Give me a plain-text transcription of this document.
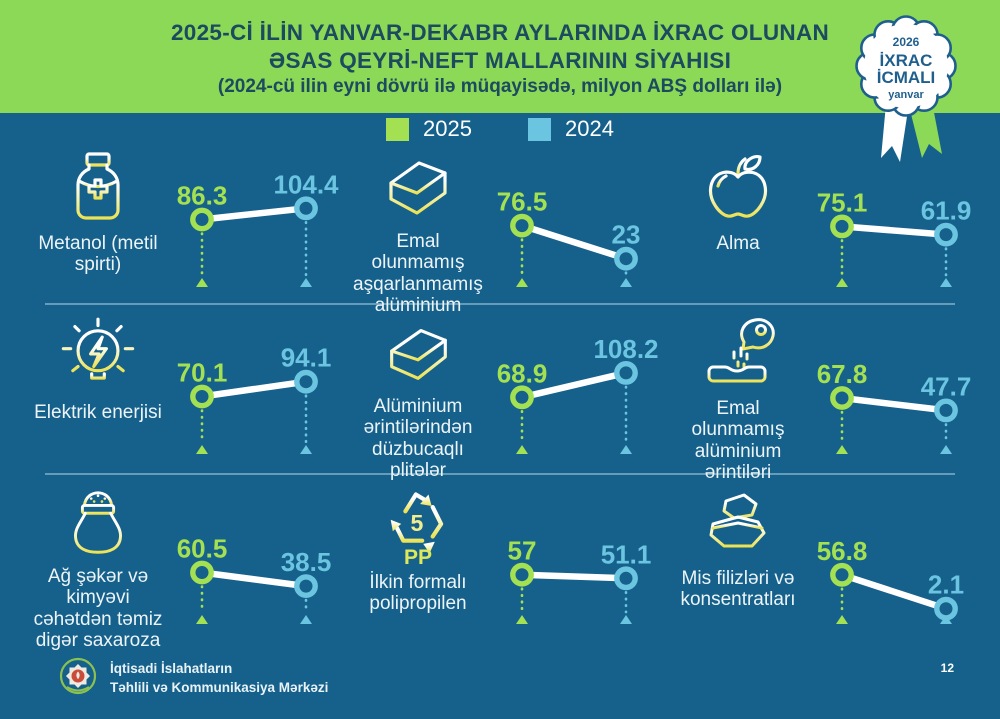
2025-Cİ İLİN YANVAR-DEKABR AYLARINDA İXRAC OLUNAN
ƏSAS QEYRİ-NEFT MALLARININ SİYAHISI
(2024-cü ilin eyni dövrü ilə müqayisədə, milyon ABŞ dolları ilə)
2026
İXRAC
İCMALI
yanvar
2025	2024
Metanol (metil spirti)
86.3 104.4
Emal olunmamış aşqarlanmamış alüminium
76.5
23	Alma
75.1 61.9
Elektrik enerjisi
70.1 94.1
Alüminium ərintilərindən düzbucaqlı plitələr
68.9
108.2
Emal olunmamış alüminium ərintiləri
67.8 47.7
Ağ şəkər və kimyəvi cəhətdən təmiz digər saxaroza
60.5 38.5
5
PP
İlkin formalı polipropilen
57 51.1
Mis filizləri və konsentratları
56.8
2.1
İqtisadi İslahatların
Təhlili və Kommunikasiya Mərkəzi
12
